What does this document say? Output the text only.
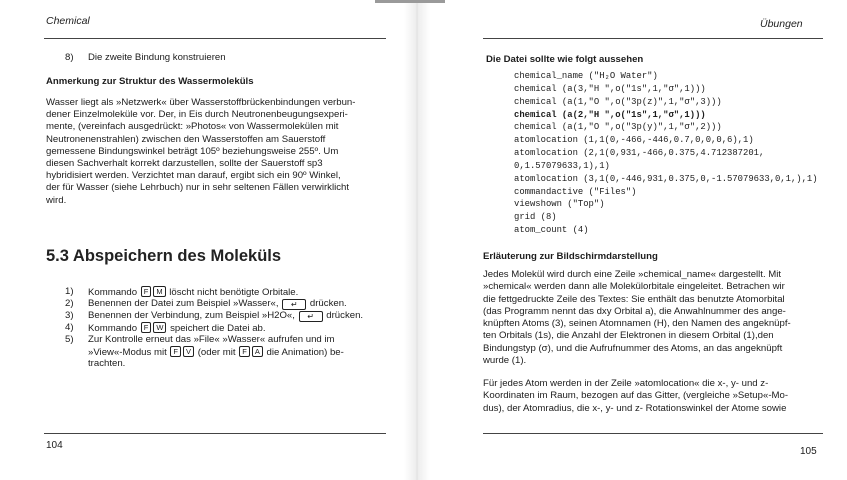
Chemical
8) Die zweite Bindung konstruieren
Anmerkung zur Struktur des Wassermoleküls
Wasser liegt als »Netzwerk« über Wasserstoffbrückenbindungen verbun-
dener Einzelmoleküle vor. Der, in Eis durch Neutronenbeugungsexperi-
mente, (vereinfach ausgedrückt: »Photos« von Wassermolekülen mit
Neutronenenstrahlen) zwischen den Wasserstoffen am Sauerstoff
gemessene Bindungswinkel beträgt 105º beziehungsweise 255º. Um
diesen Sachverhalt korrekt darzustellen, sollte der Sauerstoff sp3
hybridisiert werden. Verzichtet man darauf, ergibt sich ein 90º Winkel,
der für Wasser (siehe Lehrbuch) nur in sehr seltenen Fällen verwirklicht
wird.
5.3 Abspeichern des Moleküls
1) Kommando F M löscht nicht benötigte Orbitale.
2) Benennen der Datei zum Beispiel »Wasser«, ↵ drücken.
3) Benennen der Verbindung, zum Beispiel »H2O«, ↵ drücken.
4) Kommando F W speichert die Datei ab.
5) Zur Kontrolle erneut das »File« »Wasser« aufrufen und im
»View«-Modus mit F V (oder mit F A die Animation) be-
trachten.
104
Übungen
Die Datei sollte wie folgt aussehen
chemical_name ("H₂O Water")
chemical (a(3,"H ",o("1s",1,"σ",1)))
chemical (a(1,"O ",o("3p(z)",1,"σ",3)))
chemical (a(2,"H ",o("1s",1,"σ",1)))
chemical (a(1,"O ",o("3p(y)",1,"σ",2)))
atomlocation (1,1(0,-466,-446,0.7,0,0,0,6),1)
atomlocation (2,1(0,931,-466,0.375,4.712387201,
0,1.57079633,1),1)
atomlocation (3,1(0,-446,931,0.375,0,-1.57079633,0,1,),1)
commandactive ("Files")
viewshown ("Top")
grid (8)
atom_count (4)
Erläuterung zur Bildschirmdarstellung
Jedes Molekül wird durch eine Zeile »chemical_name« dargestellt. Mit
»chemical« werden dann alle Molekülorbitale eingeleitet. Betrachen wir
die fettgedruckte Zeile des Textes: Sie enthält das benutzte Atomorbital
(das Programm nennt das dxy Orbital a), die Anwahlnummer des ange-
knüpften Atoms (3), seinen Atomnamen (H), den Namen des angeknüpf-
ten Orbitals (1s), die Anzahl der Elektronen in diesem Orbital (1),den
Bindungstyp (σ), und die Aufrufnummer des Atoms, an das angeknüpft
wurde (1).
Für jedes Atom werden in der Zeile »atomlocation« die x-, y- und z-
Koordinaten im Raum, bezogen auf das Gitter, (vergleiche »Setup«-Mo-
dus), der Atomradius, die x-, y- und z- Rotationswinkel der Atome sowie
105
